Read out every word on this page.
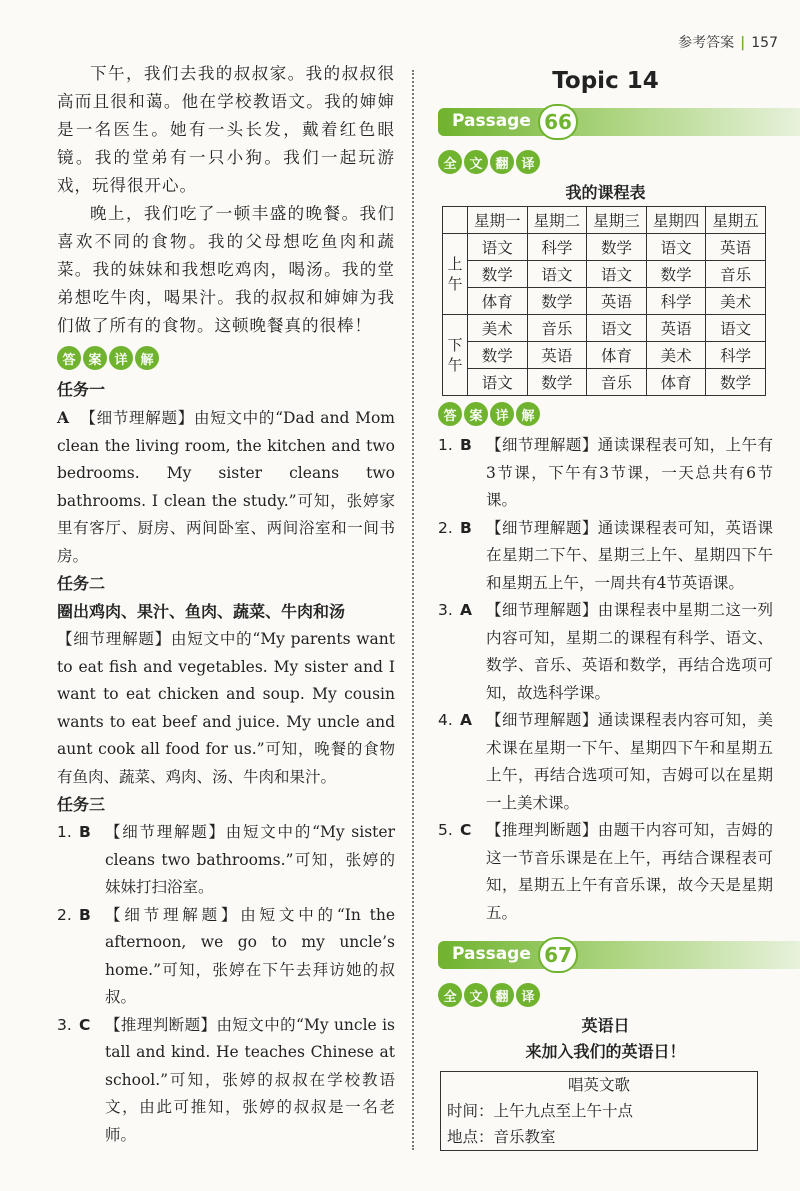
参考答案 | 157

下午，我们去我的叔叔家。我的叔叔很高而且很和蔼。他在学校教语文。我的婶婶是一名医生。她有一头长发，戴着红色眼镜。我的堂弟有一只小狗。我们一起玩游戏，玩得很开心。

晚上，我们吃了一顿丰盛的晚餐。我们喜欢不同的食物。我的父母想吃鱼肉和蔬菜。我的妹妹和我想吃鸡肉，喝汤。我的堂弟想吃牛肉，喝果汁。我的叔叔和婶婶为我们做了所有的食物。这顿晚餐真的很棒！

答 案 详 解
任务一
A 【细节理解题】由短文中的“Dad and Mom clean the living room, the kitchen and two bedrooms. My sister cleans two bathrooms. I clean the study.”可知，张婷家里有客厅、厨房、两间卧室、两间浴室和一间书房。
任务二
圈出鸡肉、果汁、鱼肉、蔬菜、牛肉和汤
【细节理解题】由短文中的“My parents want to eat fish and vegetables. My sister and I want to eat chicken and soup. My cousin wants to eat beef and juice. My uncle and aunt cook all food for us.”可知，晚餐的食物有鱼肉、蔬菜、鸡肉、汤、牛肉和果汁。
任务三
1. B 【细节理解题】由短文中的“My sister cleans two bathrooms.”可知，张婷的妹妹打扫浴室。
2. B 【细节理解题】由短文中的“In the afternoon, we go to my uncle’s home.”可知，张婷在下午去拜访她的叔叔。
3. C 【推理判断题】由短文中的“My uncle is tall and kind. He teaches Chinese at school.”可知，张婷的叔叔在学校教语文，由此可推知，张婷的叔叔是一名老师。
Topic 14
Passage 66
全 文 翻 译
我的课程表
	星期一	星期二	星期三	星期四	星期五
上午	语文	科学	数学	语文	英语
	数学	语文	语文	数学	音乐
	体育	数学	英语	科学	美术
下午	美术	音乐	语文	英语	语文
	数学	英语	体育	美术	科学
	语文	数学	音乐	体育	数学
答 案 详 解
1. B 【细节理解题】通读课程表可知，上午有3节课，下午有3节课，一天总共有6节课。
2. B 【细节理解题】通读课程表可知，英语课在星期二下午、星期三上午、星期四下午和星期五上午，一周共有4节英语课。
3. A 【细节理解题】由课程表中星期二这一列内容可知，星期二的课程有科学、语文、数学、音乐、英语和数学，再结合选项可知，故选科学课。
4. A 【细节理解题】通读课程表内容可知，美术课在星期一下午、星期四下午和星期五上午，再结合选项可知，吉姆可以在星期一上美术课。
5. C 【推理判断题】由题干内容可知，吉姆的这一节音乐课是在上午，再结合课程表可知，星期五上午有音乐课，故今天是星期五。
Passage 67
全 文 翻 译
英语日
来加入我们的英语日！
唱英文歌
时间：上午九点至上午十点
地点：音乐教室
